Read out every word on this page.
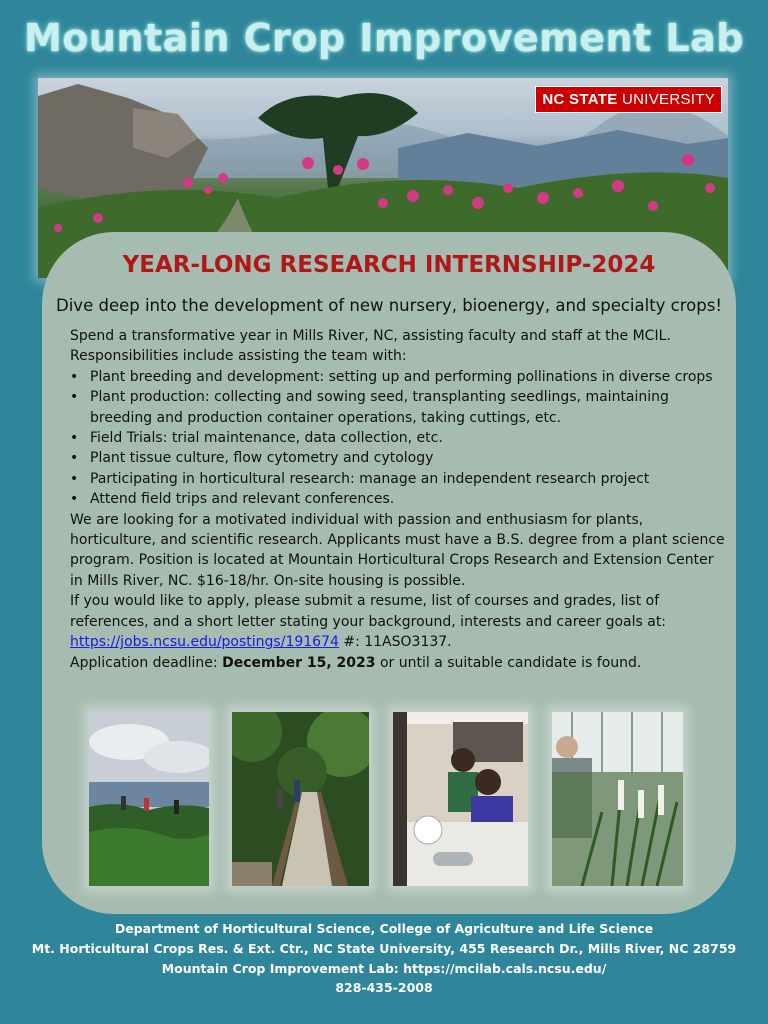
Mountain Crop Improvement Lab
NC STATE UNIVERSITY
YEAR-LONG RESEARCH INTERNSHIP-2024
Dive deep into the development of new nursery, bioenergy, and specialty crops!

Spend a transformative year in Mills River, NC, assisting faculty and staff at the MCIL.

Responsibilities include assisting the team with:

• Plant breeding and development: setting up and performing pollinations in diverse crops
• Plant production: collecting and sowing seed, transplanting seedlings, maintaining breeding and production container operations, taking cuttings, etc.
• Field Trials: trial maintenance, data collection, etc.
• Plant tissue culture, flow cytometry and cytology
• Participating in horticultural research: manage an independent research project
• Attend field trips and relevant conferences.

We are looking for a motivated individual with passion and enthusiasm for plants, horticulture, and scientific research. Applicants must have a B.S. degree from a plant science program. Position is located at Mountain Horticultural Crops Research and Extension Center in Mills River, NC. $16-18/hr. On-site housing is possible.

If you would like to apply, please submit a resume, list of courses and grades, list of references, and a short letter stating your background, interests and career goals at: https://jobs.ncsu.edu/postings/191674 #: 11ASO3137.

Application deadline: December 15, 2023 or until a suitable candidate is found.

Department of Horticultural Science, College of Agriculture and Life Science
Mt. Horticultural Crops Res. & Ext. Ctr., NC State University, 455 Research Dr., Mills River, NC 28759
Mountain Crop Improvement Lab: https://mcilab.cals.ncsu.edu/
828-435-2008
